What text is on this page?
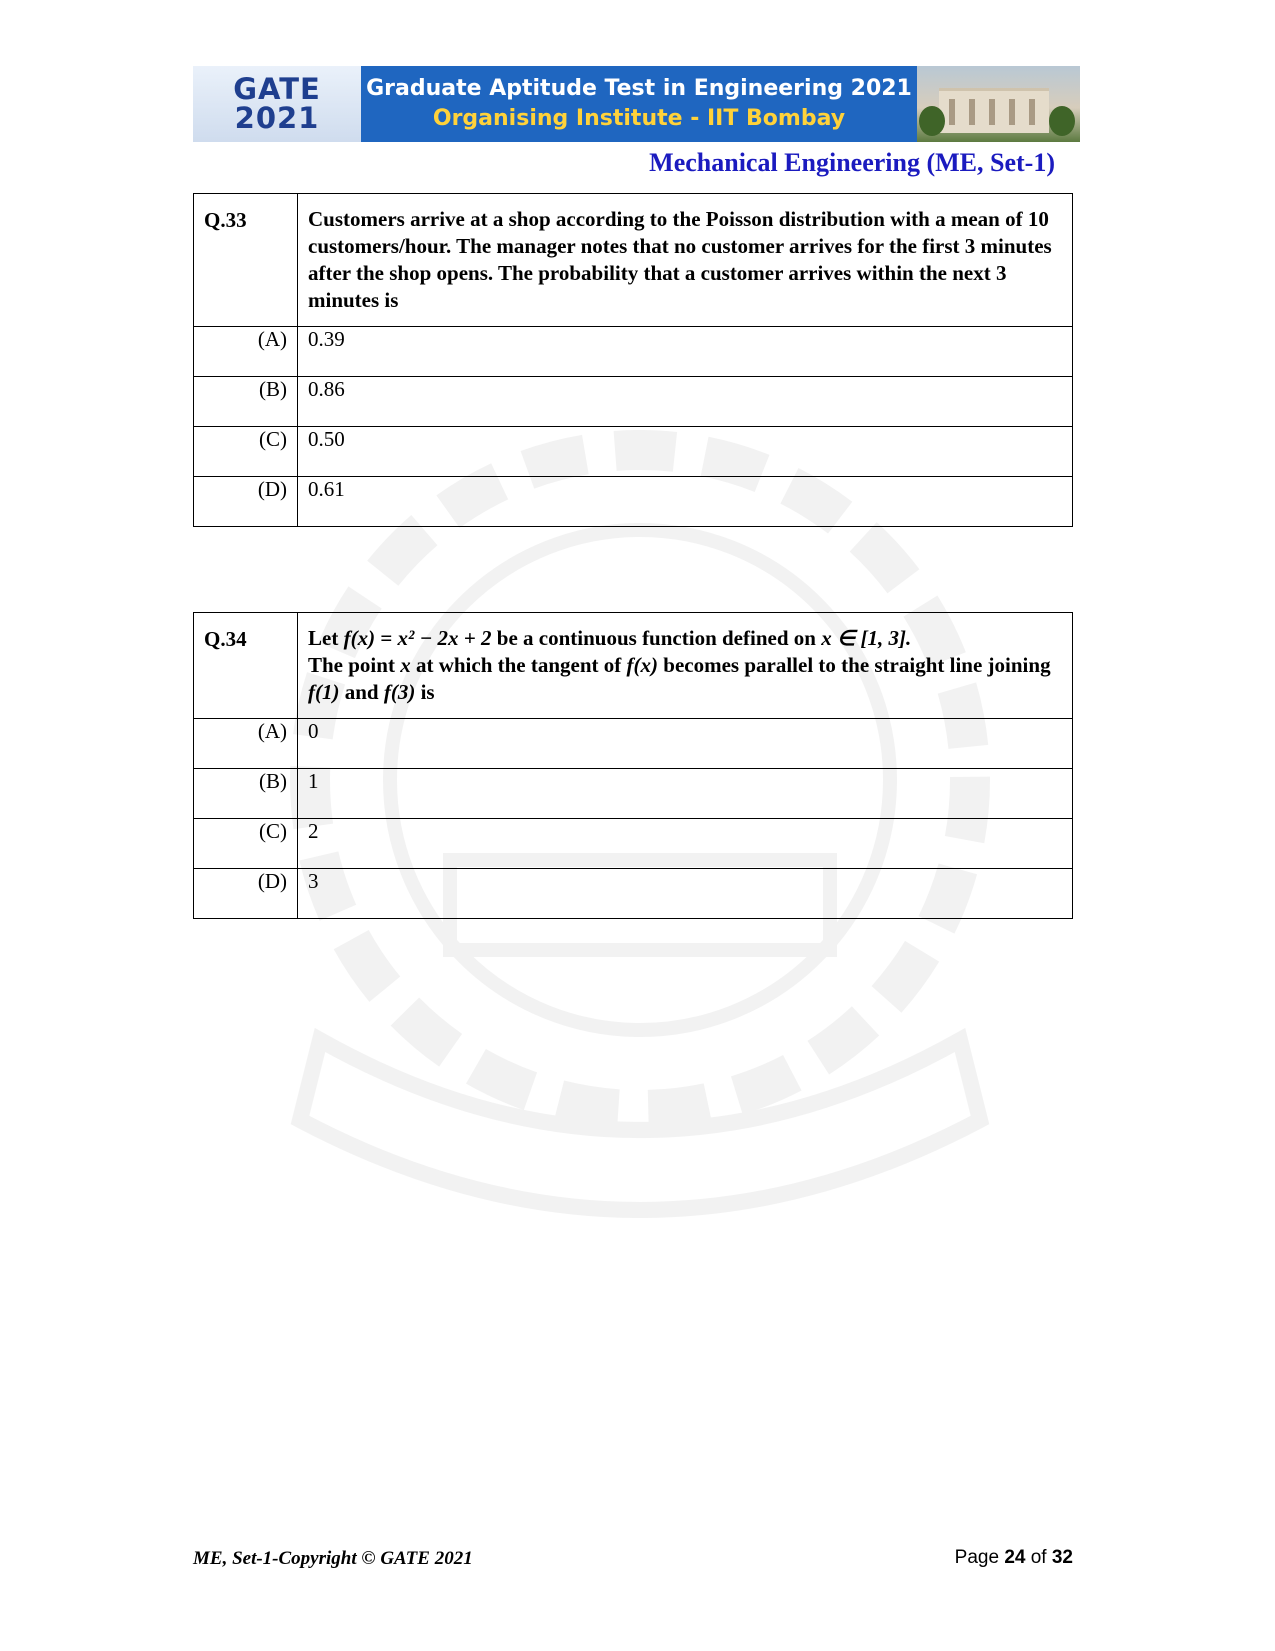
GATE
2021
Graduate Aptitude Test in Engineering 2021
Organising Institute - IIT Bombay
Mechanical Engineering (ME, Set-1)
Q.33	Customers arrive at a shop according to the Poisson distribution with a mean of 10 customers/hour. The manager notes that no customer arrives for the first 3 minutes after the shop opens. The probability that a customer arrives within the next 3 minutes is
(A)	0.39
(B)	0.86
(C)	0.50
(D)	0.61
Q.34	Let f(x) = x² − 2x + 2 be a continuous function defined on x ∈ [1, 3].
The point x at which the tangent of f(x) becomes parallel to the straight line joining f(1) and f(3) is
(A)	0
(B)	1
(C)	2
(D)	3
ME, Set-1-Copyright © GATE 2021	Page 24 of 32
